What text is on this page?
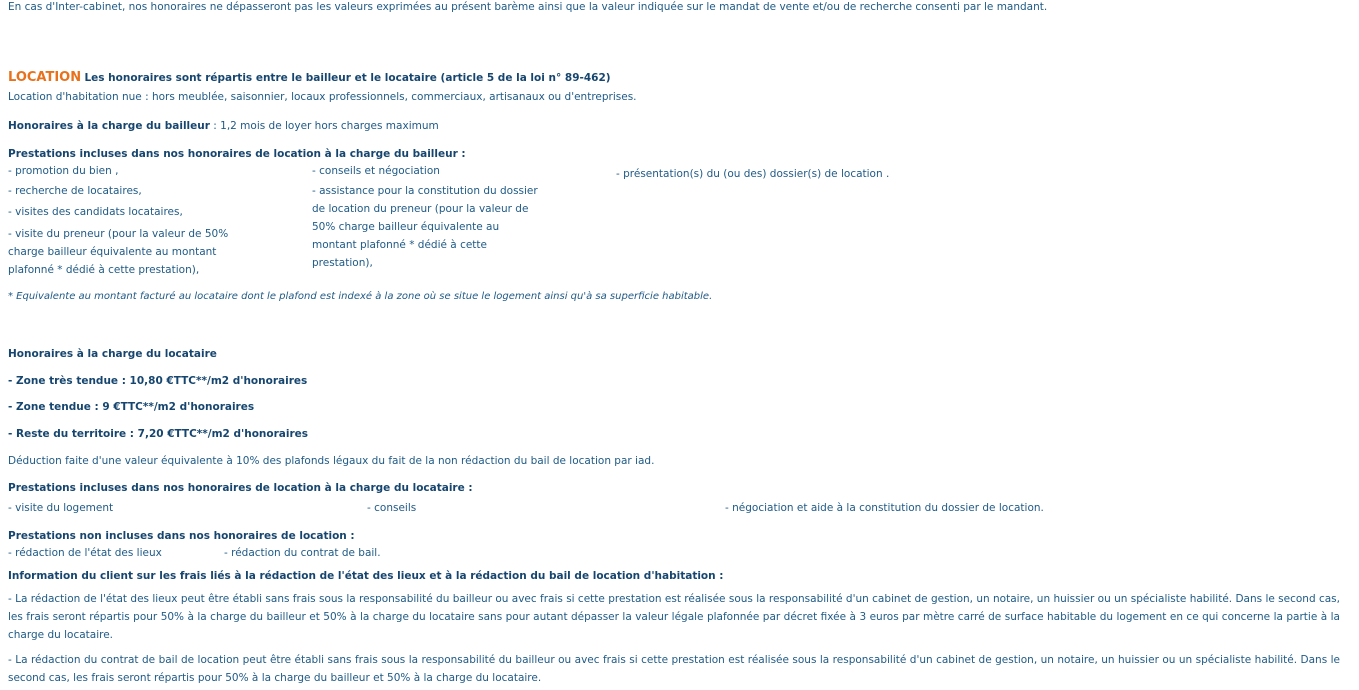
En cas d'Inter-cabinet, nos honoraires ne dépasseront pas les valeurs exprimées au présent barème ainsi que la valeur indiquée sur le mandat de vente et/ou de recherche consenti par le mandant.
LOCATION Les honoraires sont répartis entre le bailleur et le locataire (article 5 de la loi n° 89-462)
Location d'habitation nue : hors meublée, saisonnier, locaux professionnels, commerciaux, artisanaux ou d'entreprises.
Honoraires à la charge du bailleur : 1,2 mois de loyer hors charges maximum
Prestations incluses dans nos honoraires de location à la charge du bailleur :
- promotion du bien ,
- recherche de locataires,
- visites des candidats locataires,
- visite du preneur (pour la valeur de 50% charge bailleur équivalente au montant plafonné * dédié à cette prestation),
- conseils et négociation
- assistance pour la constitution du dossier de location du preneur (pour la valeur de 50% charge bailleur équivalente au montant plafonné * dédié à cette prestation),
- présentation(s) du (ou des) dossier(s) de location .
* Equivalente au montant facturé au locataire dont le plafond est indexé à la zone où se situe le logement ainsi qu'à sa superficie habitable.
Honoraires à la charge du locataire
- Zone très tendue : 10,80 €TTC**/m2 d'honoraires
- Zone tendue : 9 €TTC**/m2 d'honoraires
- Reste du territoire : 7,20 €TTC**/m2 d'honoraires
Déduction faite d'une valeur équivalente à 10% des plafonds légaux du fait de la non rédaction du bail de location par iad.
Prestations incluses dans nos honoraires de location à la charge du locataire :
- visite du logement	- conseils	- négociation et aide à la constitution du dossier de location.
Prestations non incluses dans nos honoraires de location :
- rédaction de l'état des lieux	- rédaction du contrat de bail.
Information du client sur les frais liés à la rédaction de l'état des lieux et à la rédaction du bail de location d'habitation :
- La rédaction de l'état des lieux peut être établi sans frais sous la responsabilité du bailleur ou avec frais si cette prestation est réalisée sous la responsabilité d'un cabinet de gestion, un notaire, un huissier ou un spécialiste habilité. Dans le second cas, les frais seront répartis pour 50% à la charge du bailleur et 50% à la charge du locataire sans pour autant dépasser la valeur légale plafonnée par décret fixée à 3 euros par mètre carré de surface habitable du logement en ce qui concerne la partie à la charge du locataire.
- La rédaction du contrat de bail de location peut être établi sans frais sous la responsabilité du bailleur ou avec frais si cette prestation est réalisée sous la responsabilité d'un cabinet de gestion, un notaire, un huissier ou un spécialiste habilité. Dans le second cas, les frais seront répartis pour 50% à la charge du bailleur et 50% à la charge du locataire.
